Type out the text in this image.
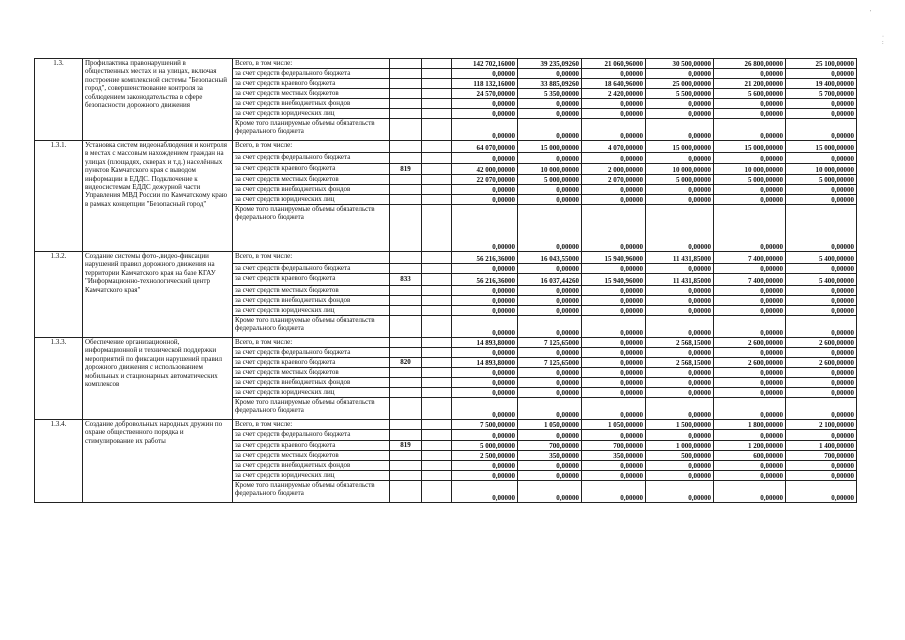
′
·
:
1.3.	Профилактика правонарушений в общественных местах и на улицах, включая построение комплексной системы "Безопасный город", совершенствование контроля за соблюдением законодательства в сфере безопасности дорожного движения	Всего, в том числе:			142 702,16000	39 235,09260	21 060,96000	30 500,00000	26 800,00000	25 100,00000
		за счет средств федерального бюджета			0,00000	0,00000	0,00000	0,00000	0,00000	0,00000
		за счет средств краевого бюджета			118 132,16000	33 885,09260	18 640,96000	25 000,00000	21 200,00000	19 400,00000
		за счет средств местных бюджетов			24 570,00000	5 350,00000	2 420,00000	5 500,00000	5 600,00000	5 700,00000
		за счет средств внебюджетных фондов			0,00000	0,00000	0,00000	0,00000	0,00000	0,00000
		за счет средств юридических лиц			0,00000	0,00000	0,00000	0,00000	0,00000	0,00000
		Кроме того планируемые объемы обязательств федерального бюджета			0,00000	0,00000	0,00000	0,00000	0,00000	0,00000
1.3.1.	Установка систем видеонаблюдения и контроля в местах с массовым нахождением граждан на улицах (площадях, скверах и т.д.) населённых пунктов Камчатского края с выводом информации в ЕДДС. Подключение к видеосистемам ЕДДС дежурной части Управления МВД России по Камчатскому краю в рамках концепции "Безопасный город"	Всего, в том числе:			64 070,00000	15 000,00000	4 070,00000	15 000,00000	15 000,00000	15 000,00000
		за счет средств федерального бюджета			0,00000	0,00000	0,00000	0,00000	0,00000	0,00000
		за счет средств краевого бюджета	819		42 000,00000	10 000,00000	2 000,00000	10 000,00000	10 000,00000	10 000,00000
		за счет средств местных бюджетов			22 070,00000	5 000,00000	2 070,00000	5 000,00000	5 000,00000	5 000,00000
		за счет средств внебюджетных фондов			0,00000	0,00000	0,00000	0,00000	0,00000	0,00000
		за счет средств юридических лиц			0,00000	0,00000	0,00000	0,00000	0,00000	0,00000
		Кроме того планируемые объемы обязательств федерального бюджета			0,00000	0,00000	0,00000	0,00000	0,00000	0,00000
1.3.2.	Создание системы фото-,видео-фиксации нарушений правил дорожного движения на территории Камчатского края на базе КГАУ "Информационно-технологический центр Камчатского края"	Всего, в том числе:			56 216,36000	16 043,55000	15 940,96000	11 431,85000	7 400,00000	5 400,00000
		за счет средств федерального бюджета			0,00000	0,00000	0,00000	0,00000	0,00000	0,00000
		за счет средств краевого бюджета	833		56 216,36000	16 037,44260	15 940,96000	11 431,85000	7 400,00000	5 400,00000
		за счет средств местных бюджетов			0,00000	0,00000	0,00000	0,00000	0,00000	0,00000
		за счет средств внебюджетных фондов			0,00000	0,00000	0,00000	0,00000	0,00000	0,00000
		за счет средств юридических лиц			0,00000	0,00000	0,00000	0,00000	0,00000	0,00000
		Кроме того планируемые объемы обязательств федерального бюджета			0,00000	0,00000	0,00000	0,00000	0,00000	0,00000
1.3.3.	Обеспечение организационной, информационной и технической поддержки мероприятий по фиксации нарушений правил дорожного движения с использованием мобильных и стационарных автоматических комплексов	Всего, в том числе:			14 893,80000	7 125,65000	0,00000	2 568,15000	2 600,00000	2 600,00000
		за счет средств федерального бюджета			0,00000	0,00000	0,00000	0,00000	0,00000	0,00000
		за счет средств краевого бюджета	820		14 893,80000	7 125,65000	0,00000	2 568,15000	2 600,00000	2 600,00000
		за счет средств местных бюджетов			0,00000	0,00000	0,00000	0,00000	0,00000	0,00000
		за счет средств внебюджетных фондов			0,00000	0,00000	0,00000	0,00000	0,00000	0,00000
		за счет средств юридических лиц			0,00000	0,00000	0,00000	0,00000	0,00000	0,00000
		Кроме того планируемые объемы обязательств федерального бюджета			0,00000	0,00000	0,00000	0,00000	0,00000	0,00000
1.3.4.	Создание добровольных народных дружин по охране общественного порядка и стимулирование их работы	Всего, в том числе:			7 500,00000	1 050,00000	1 050,00000	1 500,00000	1 800,00000	2 100,00000
		за счет средств федерального бюджета			0,00000	0,00000	0,00000	0,00000	0,00000	0,00000
		за счет средств краевого бюджета	819		5 000,00000	700,00000	700,00000	1 000,00000	1 200,00000	1 400,00000
		за счет средств местных бюджетов			2 500,00000	350,00000	350,00000	500,00000	600,00000	700,00000
		за счет средств внебюджетных фондов			0,00000	0,00000	0,00000	0,00000	0,00000	0,00000
		за счет средств юридических лиц			0,00000	0,00000	0,00000	0,00000	0,00000	0,00000
		Кроме того планируемые объемы обязательств федерального бюджета			0,00000	0,00000	0,00000	0,00000	0,00000	0,00000
